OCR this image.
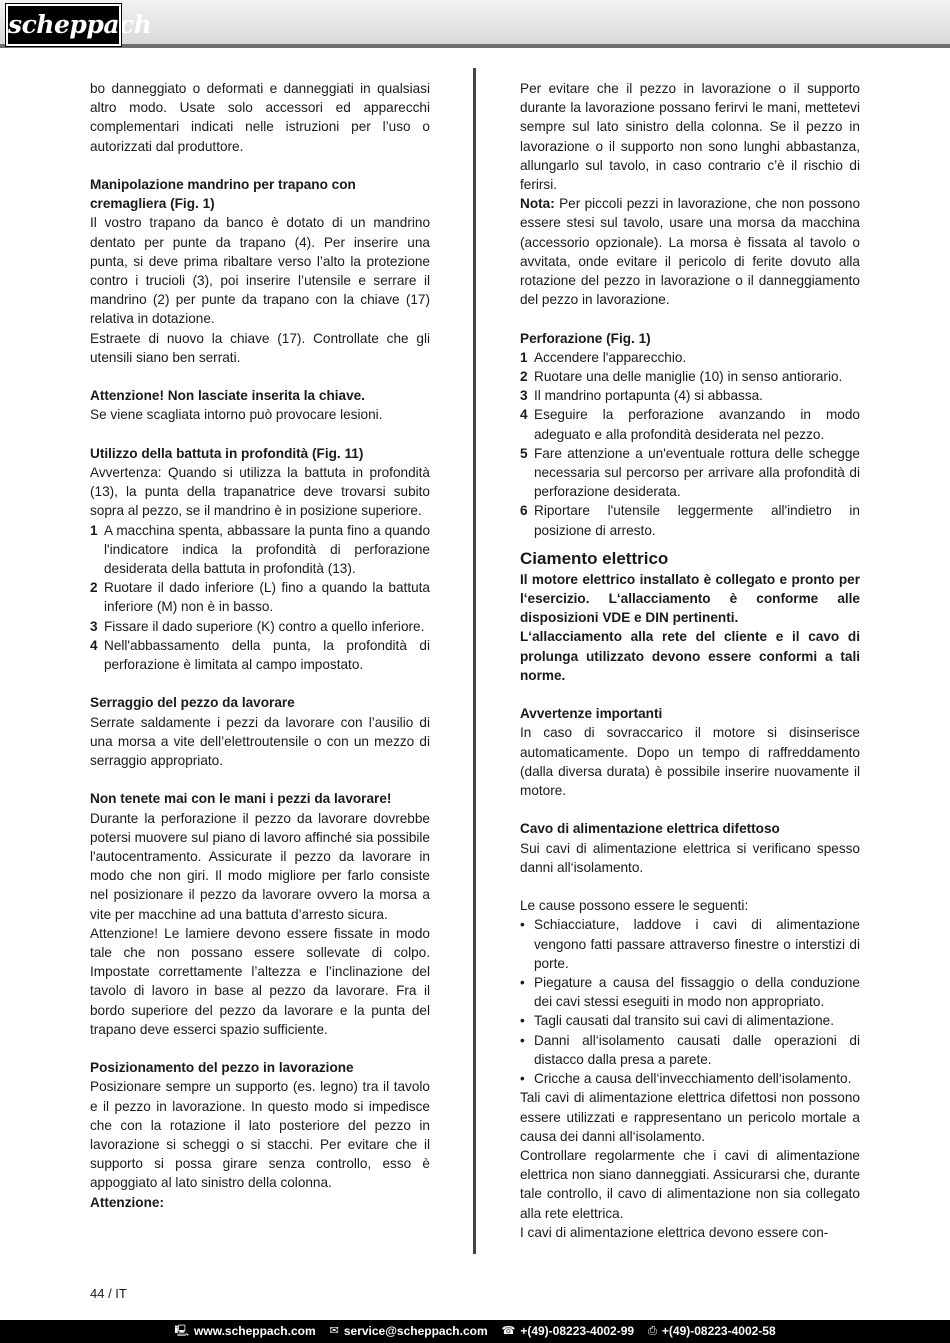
scheppach

bo danneggiato o deformati e danneggiati in qualsiasi altro modo. Usate solo accessori ed apparecchi complementari indicati nelle istruzioni per l’uso o autorizzati dal produttore.

Manipolazione mandrino per trapano con cremagliera (Fig. 1)

Il vostro trapano da banco è dotato di un mandrino dentato per punte da trapano (4). Per inserire una punta, si deve prima ribaltare verso l’alto la protezione contro i trucioli (3), poi inserire l’utensile e serrare il mandrino (2) per punte da trapano con la chiave (17) relativa in dotazione.

Estraete di nuovo la chiave (17). Controllate che gli utensili siano ben serrati.

Attenzione! Non lasciate inserita la chiave.

Se viene scagliata intorno può provocare lesioni.

Utilizzo della battuta in profondità (Fig. 11)

Avvertenza: Quando si utilizza la battuta in profondità (13), la punta della trapanatrice deve trovarsi subito sopra al pezzo, se il mandrino è in posizione superiore.

1 A macchina spenta, abbassare la punta fino a quando l'indicatore indica la profondità di perforazione desiderata della battuta in profondità (13).
2 Ruotare il dado inferiore (L) fino a quando la battuta inferiore (M) non è in basso.
3 Fissare il dado superiore (K) contro a quello inferiore.
4 Nell'abbassamento della punta, la profondità di perforazione è limitata al campo impostato.
Serraggio del pezzo da lavorare

Serrate saldamente i pezzi da lavorare con l’ausilio di una morsa a vite dell’elettroutensile o con un mezzo di serraggio appropriato.

Non tenete mai con le mani i pezzi da lavorare!

Durante la perforazione il pezzo da lavorare dovrebbe potersi muovere sul piano di lavoro affinché sia possibile l'autocentramento. Assicurate il pezzo da lavorare in modo che non giri. Il modo migliore per farlo consiste nel posizionare il pezzo da lavorare ovvero la morsa a vite per macchine ad una battuta d’arresto sicura.

Attenzione! Le lamiere devono essere fissate in modo tale che non possano essere sollevate di colpo. Impostate correttamente l’altezza e l’inclinazione del tavolo di lavoro in base al pezzo da lavorare. Fra il bordo superiore del pezzo da lavorare e la punta del trapano deve esserci spazio sufficiente.

Posizionamento del pezzo in lavorazione

Posizionare sempre un supporto (es. legno) tra il tavolo e il pezzo in lavorazione. In questo modo si impedisce che con la rotazione il lato posteriore del pezzo in lavorazione si scheggi o si stacchi. Per evitare che il supporto si possa girare senza controllo, esso è appoggiato al lato sinistro della colonna.

Attenzione:

Per evitare che il pezzo in lavorazione o il supporto durante la lavorazione possano ferirvi le mani, mettetevi sempre sul lato sinistro della colonna. Se il pezzo in lavorazione o il supporto non sono lunghi abbastanza, allungarlo sul tavolo, in caso contrario c’è il rischio di ferirsi.

Nota: Per piccoli pezzi in lavorazione, che non possono essere stesi sul tavolo, usare una morsa da macchina (accessorio opzionale). La morsa è fissata al tavolo o avvitata, onde evitare il pericolo di ferite dovuto alla rotazione del pezzo in lavorazione o il danneggiamento del pezzo in lavorazione.

Perforazione (Fig. 1)
1 Accendere l'apparecchio.
2 Ruotare una delle maniglie (10) in senso antiorario.
3 Il mandrino portapunta (4) si abbassa.
4 Eseguire la perforazione avanzando in modo adeguato e alla profondità desiderata nel pezzo.
5 Fare attenzione a un'eventuale rottura delle schegge necessaria sul percorso per arrivare alla profondità di perforazione desiderata.
6 Riportare l'utensile leggermente all'indietro in posizione di arresto.
Ciamento elettrico

Il motore elettrico installato è collegato e pronto per l‘esercizio. L‘allacciamento è conforme alle disposizioni VDE e DIN pertinenti.

L‘allacciamento alla rete del cliente e il cavo di prolunga utilizzato devono essere conformi a tali norme.

Avvertenze importanti

In caso di sovraccarico il motore si disinserisce automaticamente. Dopo un tempo di raffreddamento (dalla diversa durata) è possibile inserire nuovamente il motore.

Cavo di alimentazione elettrica difettoso

Sui cavi di alimentazione elettrica si verificano spesso danni all‘isolamento.

Le cause possono essere le seguenti:

• Schiacciature, laddove i cavi di alimentazione vengono fatti passare attraverso finestre o interstizi di porte.
• Piegature a causa del fissaggio o della conduzione dei cavi stessi eseguiti in modo non appropriato.
• Tagli causati dal transito sui cavi di alimentazione.
• Danni all‘isolamento causati dalle operazioni di distacco dalla presa a parete.
• Cricche a causa dell‘invecchiamento dell‘isolamento.

Tali cavi di alimentazione elettrica difettosi non possono essere utilizzati e rappresentano un pericolo mortale a causa dei danni all‘isolamento.

Controllare regolarmente che i cavi di alimentazione elettrica non siano danneggiati. Assicurarsi che, durante tale controllo, il cavo di alimentazione non sia collegato alla rete elettrica.

I cavi di alimentazione elettrica devono essere con-

44 / IT
🖳 www.scheppach.com ✉ service@scheppach.com ☎ +(49)-08223-4002-99 ⎙ +(49)-08223-4002-58
